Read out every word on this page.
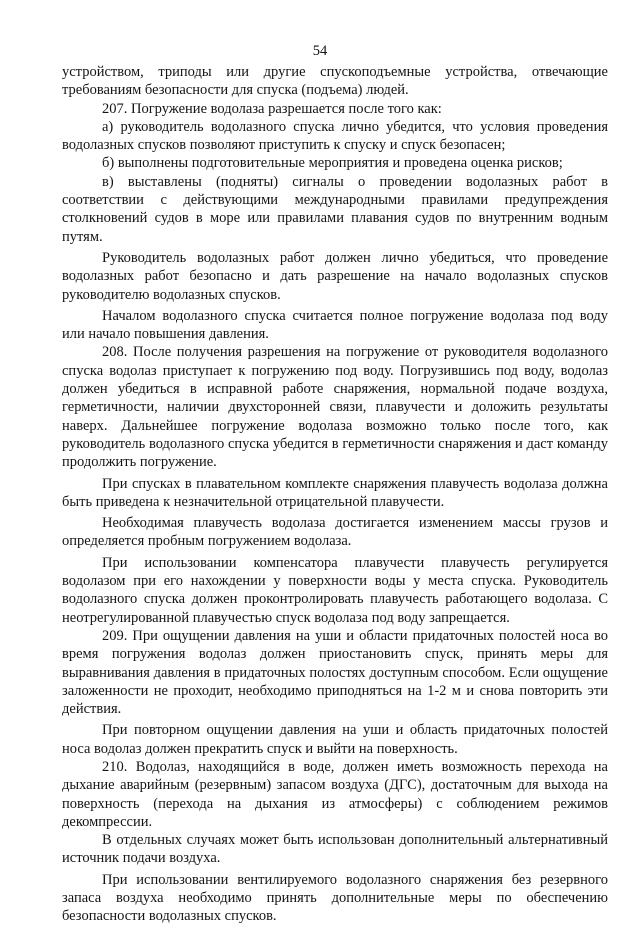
54

устройством, триподы или другие спускоподъемные устройства, отвечающие требованиям безопасности для спуска (подъема) людей.

207. Погружение водолаза разрешается после того как:

а) руководитель водолазного спуска лично убедится, что условия проведения водолазных спусков позволяют приступить к спуску и спуск безопасен;

б) выполнены подготовительные мероприятия и проведена оценка рисков;

в) выставлены (подняты) сигналы о проведении водолазных работ в соответствии с действующими международными правилами предупреждения столкновений судов в море или правилами плавания судов по внутренним водным путям.

Руководитель водолазных работ должен лично убедиться, что проведение водолазных работ безопасно и дать разрешение на начало водолазных спусков руководителю водолазных спусков.

Началом водолазного спуска считается полное погружение водолаза под воду или начало повышения давления.

208. После получения разрешения на погружение от руководителя водолазного спуска водолаз приступает к погружению под воду. Погрузившись под воду, водолаз должен убедиться в исправной работе снаряжения, нормальной подаче воздуха, герметичности, наличии двухсторонней связи, плавучести и доложить результаты наверх. Дальнейшее погружение водолаза возможно только после того, как руководитель водолазного спуска убедится в герметичности снаряжения и даст команду продолжить погружение.

При спусках в плавательном комплекте снаряжения плавучесть водолаза должна быть приведена к незначительной отрицательной плавучести.

Необходимая плавучесть водолаза достигается изменением массы грузов и определяется пробным погружением водолаза.

При использовании компенсатора плавучести плавучесть регулируется водолазом при его нахождении у поверхности воды у места спуска. Руководитель водолазного спуска должен проконтролировать плавучесть работающего водолаза. С неотрегулированной плавучестью спуск водолаза под воду запрещается.

209. При ощущении давления на уши и области придаточных полостей носа во время погружения водолаз должен приостановить спуск, принять меры для выравнивания давления в придаточных полостях доступным способом. Если ощущение заложенности не проходит, необходимо приподняться на 1-2 м и снова повторить эти действия.

При повторном ощущении давления на уши и область придаточных полостей носа водолаз должен прекратить спуск и выйти на поверхность.

210. Водолаз, находящийся в воде, должен иметь возможность перехода на дыхание аварийным (резервным) запасом воздуха (ДГС), достаточным для выхода на поверхность (перехода на дыхания из атмосферы) с соблюдением режимов декомпрессии.

В отдельных случаях может быть использован дополнительный альтернативный источник подачи воздуха.

При использовании вентилируемого водолазного снаряжения без резервного запаса воздуха необходимо принять дополнительные меры по обеспечению безопасности водолазных спусков.
